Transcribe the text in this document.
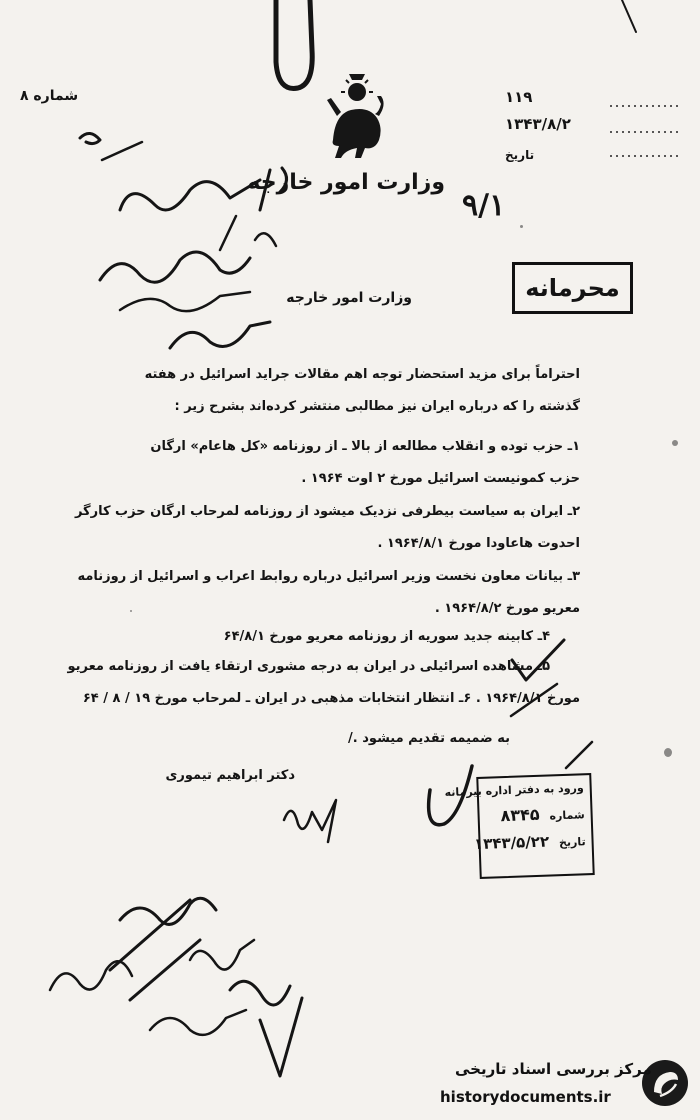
شماره ۸	۱۱۹
۱۳۴۳/۸/۲
تاریخ
وزارت امور خارجه
۹/۱
محرمانه
وزارت امور خارجه
احتراماً برای مزید استحضار توجه اهم مقالات جراید اسرائیل در هفته
گذشته را که درباره ایران نیز مطالبی منتشر کرده‌اند بشرح زیر :
۱ـ حزب توده و انقلاب مطالعه از بالا ـ از روزنامه «کل هاعام» ارگان
حزب کمونیست اسرائیل مورخ ۲ اوت ۱۹۶۴ .
۲ـ ایران به سیاست بیطرفی نزدیک میشود از روزنامه لمرحاب ارگان حزب کارگر
احدوت هاعاودا مورخ ۱۹۶۴/۸/۱ .
۳ـ بیانات معاون نخست وزیر اسرائیل درباره روابط اعراب و اسرائیل از روزنامه
معریو مورخ ۱۹۶۴/۸/۲ .
۴ـ کابینه جدید سوریه از روزنامه معریو مورخ ۶۴/۸/۱
۵ـ مشاهده اسرائیلی در ایران به درجه مشوری ارتقاء یافت از روزنامه معریو
مورخ ۱۹۶۴/۸/۱ . ۶ـ انتظار انتخابات مذهبی در ایران ـ لمرحاب مورخ ۱۹ / ۸ / ۶۴
به ضمیمه تقدیم میشود ./
دکتر ابراهیم تیموری
ورود به دفتر اداره بیرمانه
شماره ۸۳۴۵
تاریخ ۱۳۴۳/۵/۲۲
مرکز بررسی اسناد تاریخی
historydocuments.ir
